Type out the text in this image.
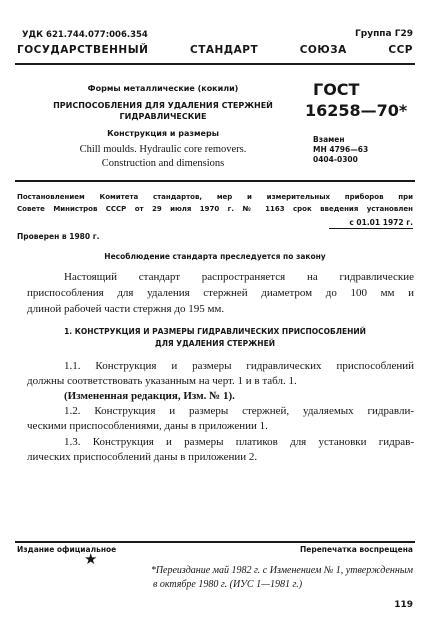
УДК 621.744.077:006.354	Группа Г29
ГОСУДАРСТВЕННЫЙ СТАНДАРТ СОЮЗА ССР
Формы металлические (кокили)
ПРИСПОСОБЛЕНИЯ ДЛЯ УДАЛЕНИЯ СТЕРЖНЕЙ
ГИДРАВЛИЧЕСКИЕ
Конструкция и размеры
Chill moulds. Hydraulic core removers.
Construction and dimensions
ГОСТ
16258—70*
Взамен
МН 4796—63
0404-0300
Постановлением Комитета стандартов, мер и измерительных приборов при
Совете Министров СССР от 29 июля 1970 г. № 1163 срок введения установлен
с 01.01 1972 г.
Проверен в 1980 г.
Несоблюдение стандарта преследуется по закону
Настоящий стандарт распространяется на гидравлические
приспособления для удаления стержней диаметром до 100 мм и
длиной рабочей части стержня до 195 мм.
1. КОНСТРУКЦИЯ И РАЗМЕРЫ ГИДРАВЛИЧЕСКИХ ПРИСПОСОБЛЕНИЙ
ДЛЯ УДАЛЕНИЯ СТЕРЖНЕЙ
1.1. Конструкция и размеры гидравлических приспособлений
должны соответствовать указанным на черт. 1 и в табл. 1.
(Измененная редакция, Изм. № 1).
1.2. Конструкция и размеры стержней, удаляемых гидравли-
ческими приспособлениями, даны в приложении 1.
1.3. Конструкция и размеры платиков для установки гидрав-
лических приспособлений даны в приложении 2.
Издание официальное	Перепечатка воспрещена
★
*Переиздание май 1982 г. с Изменением № 1, утвержденным
в октябре 1980 г. (ИУС 1—1981 г.)
119
